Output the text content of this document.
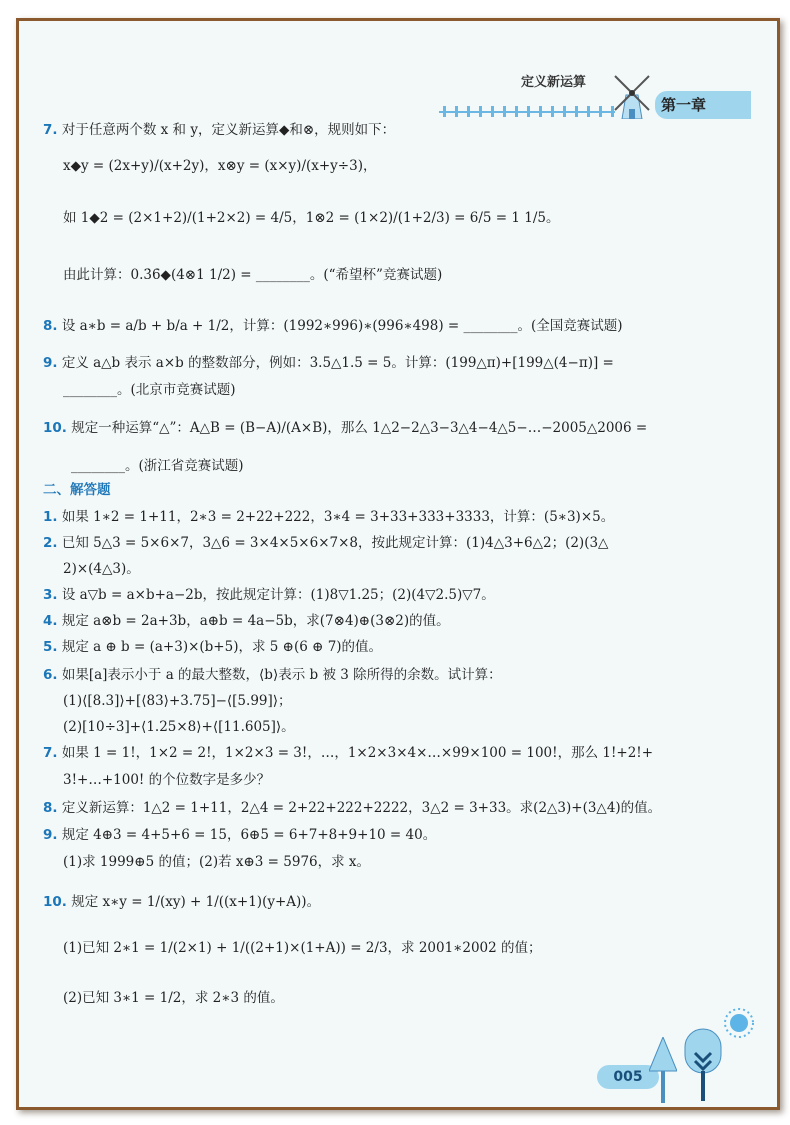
定义新运算
第一章
7. 对于任意两个数 x 和 y，定义新运算◆和⊗，规则如下：
x◆y = (2x+y)/(x+2y)，x⊗y = (x×y)/(x+y÷3)，
如 1◆2 = (2×1+2)/(1+2×2) = 4/5，1⊗2 = (1×2)/(1+2/3) = 6/5 = 1 1/5。
由此计算：0.3̇6̇◆(4⊗1 1/2) = ________。(“希望杯”竞赛试题)
8. 设 a∗b = a/b + b/a + 1/2，计算：(1992∗996)∗(996∗498) = ________。(全国竞赛试题)
9. 定义 a△b 表示 a×b 的整数部分，例如：3.5△1.5 = 5。计算：(199△π)+[199△(4−π)] =
________。(北京市竞赛试题)
10. 规定一种运算“△”：A△B = (B−A)/(A×B)，那么 1△2−2△3−3△4−4△5−…−2005△2006 =
________。(浙江省竞赛试题)
二、解答题
1. 如果 1∗2 = 1+11，2∗3 = 2+22+222，3∗4 = 3+33+333+3333，计算：(5∗3)×5。
2. 已知 5△3 = 5×6×7，3△6 = 3×4×5×6×7×8，按此规定计算：(1)4△3+6△2；(2)(3△
2)×(4△3)。
3. 设 a▽b = a×b+a−2b，按此规定计算：(1)8▽1.25；(2)(4▽2.5)▽7。
4. 规定 a⊗b = 2a+3b，a⊕b = 4a−5b，求(7⊗4)⊕(3⊗2)的值。
5. 规定 a ⊕ b = (a+3)×(b+5)，求 5 ⊕(6 ⊕ 7)的值。
6. 如果[a]表示小于 a 的最大整数，⟨b⟩表示 b 被 3 除所得的余数。试计算：
(1)⟨[8.3]⟩+[⟨83⟩+3.75]−⟨[5.99]⟩；
(2)[10÷3]+⟨1.25×8⟩+⟨[11.605]⟩。
7. 如果 1 = 1!，1×2 = 2!，1×2×3 = 3!，…，1×2×3×4×…×99×100 = 100!，那么 1!+2!+
3!+…+100! 的个位数字是多少？
8. 定义新运算：1△2 = 1+11，2△4 = 2+22+222+2222，3△2 = 3+33。求(2△3)+(3△4)的值。
9. 规定 4⊕3 = 4+5+6 = 15，6⊕5 = 6+7+8+9+10 = 40。
(1)求 1999⊕5 的值；(2)若 x⊕3 = 5976，求 x。
10. 规定 x∗y = 1/(xy) + 1/((x+1)(y+A))。
(1)已知 2∗1 = 1/(2×1) + 1/((2+1)×(1+A)) = 2/3，求 2001∗2002 的值；
(2)已知 3∗1 = 1/2，求 2∗3 的值。
005
